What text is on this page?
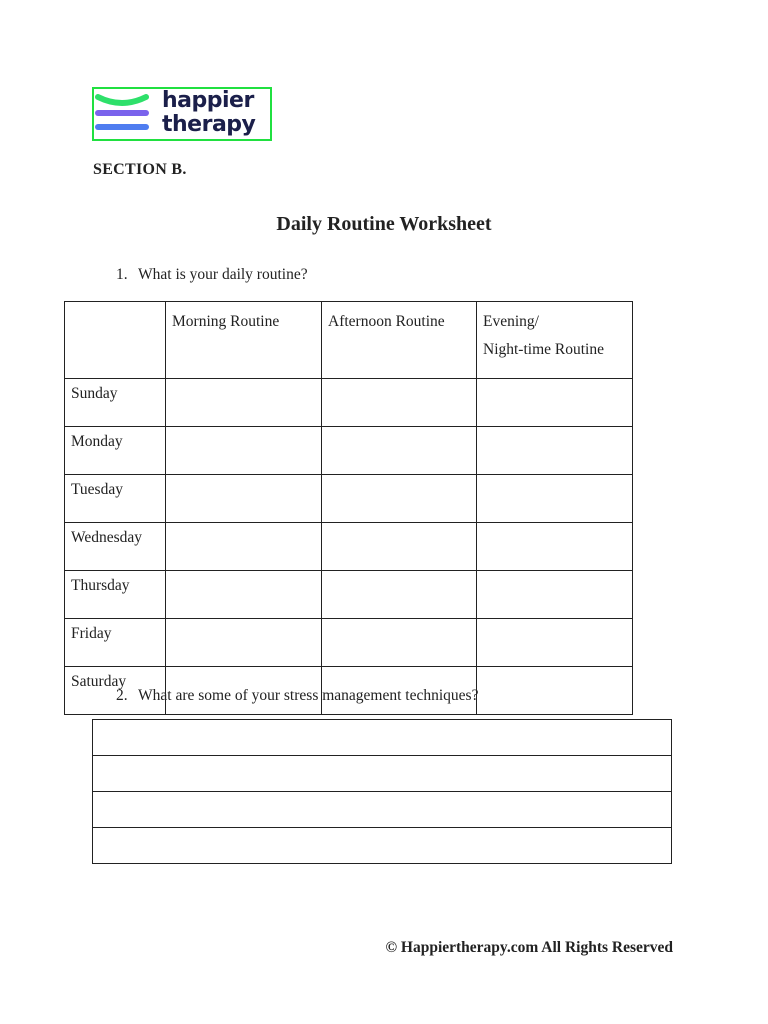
happier
therapy
SECTION B.
Daily Routine Worksheet
1. What is your daily routine?
	Morning Routine	Afternoon Routine	Evening/
Night-time Routine

Sunday			
Monday			
Tuesday			
Wednesday			
Thursday			
Friday			
Saturday			
2. What are some of your stress management techniques?

© Happiertherapy.com All Rights Reserved
